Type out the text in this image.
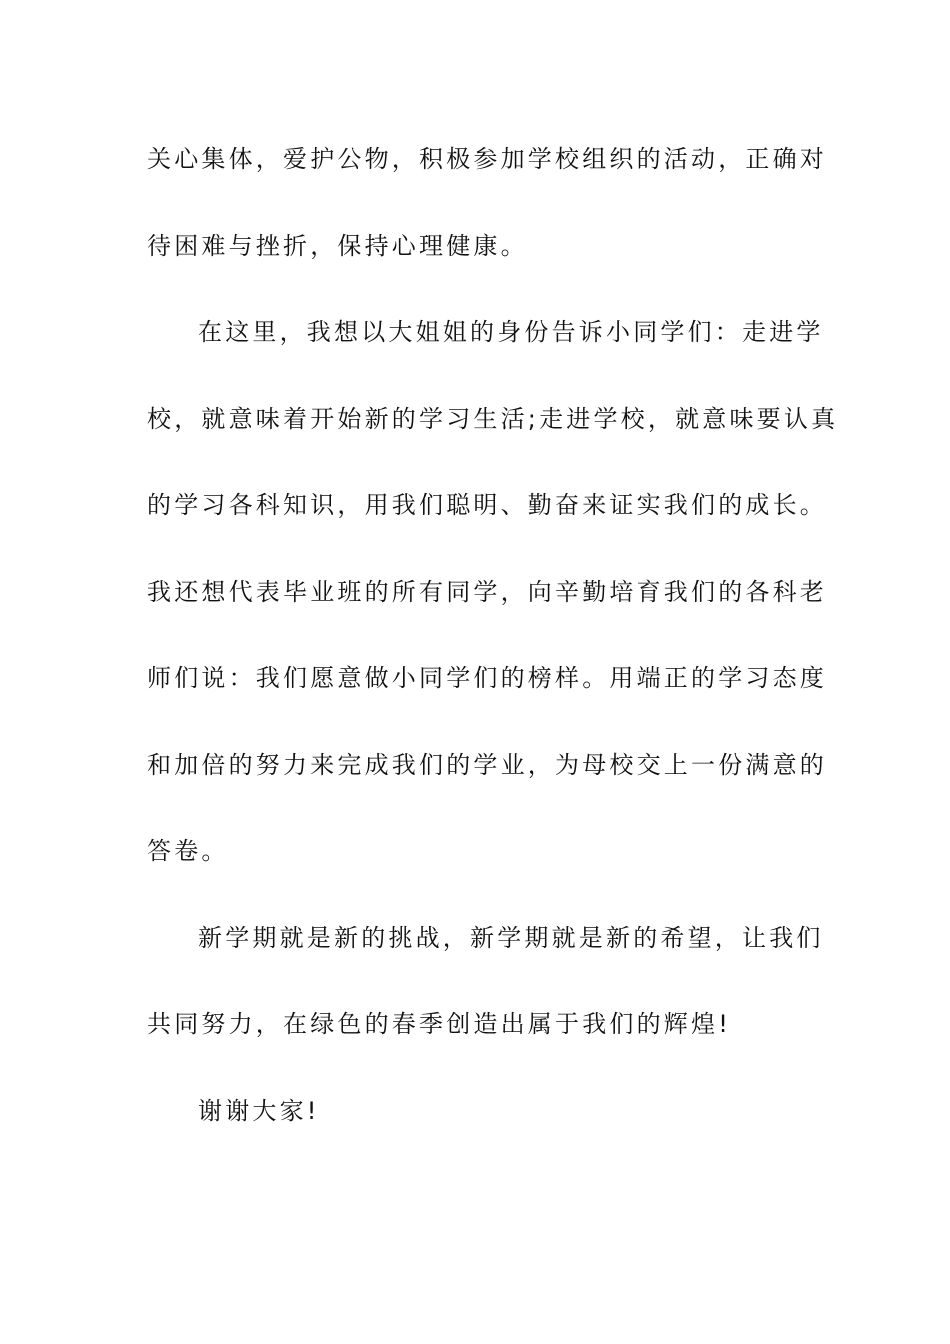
关心集体，爱护公物，积极参加学校组织的活动，正确对
待困难与挫折，保持心理健康。
在这里，我想以大姐姐的身份告诉小同学们：走进学
校，就意味着开始新的学习生活;走进学校，就意味要认真
的学习各科知识，用我们聪明、勤奋来证实我们的成长。
我还想代表毕业班的所有同学，向辛勤培育我们的各科老
师们说：我们愿意做小同学们的榜样。用端正的学习态度
和加倍的努力来完成我们的学业，为母校交上一份满意的
答卷。
新学期就是新的挑战，新学期就是新的希望，让我们
共同努力，在绿色的春季创造出属于我们的辉煌!
谢谢大家!
